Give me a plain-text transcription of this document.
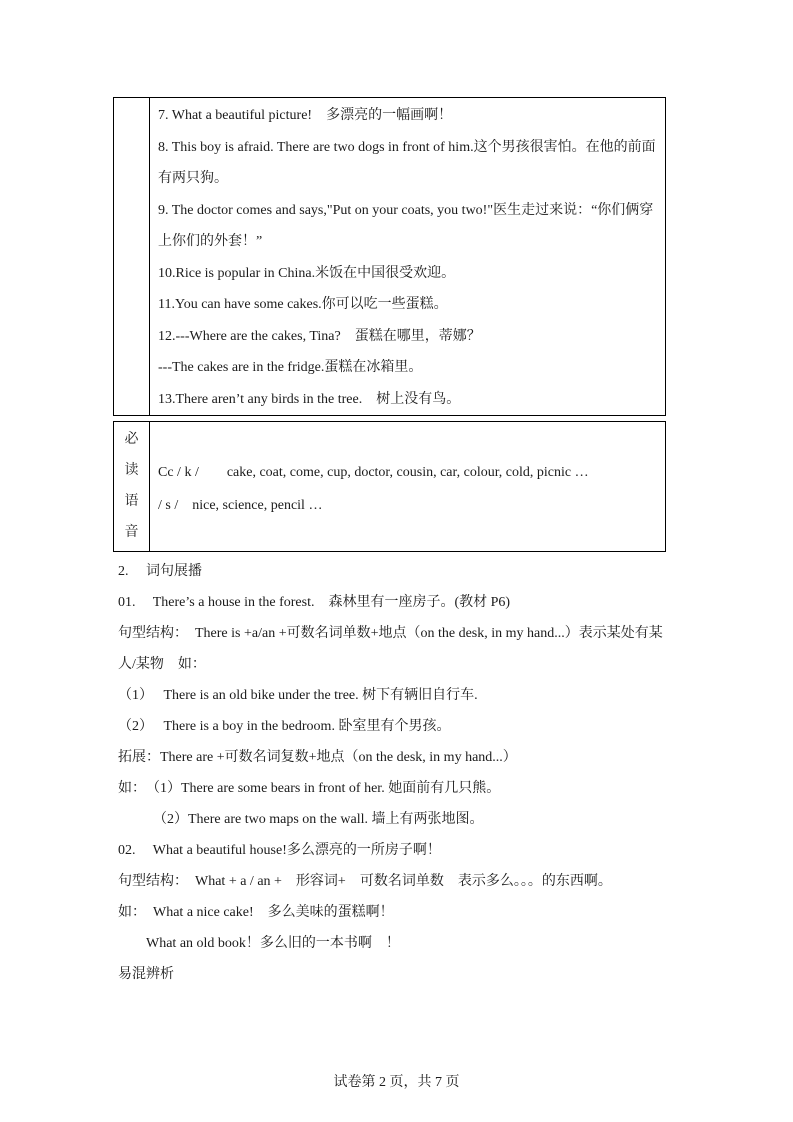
7. What a beautiful picture!　多漂亮的一幅画啊！
8. This boy is afraid. There are two dogs in front of him.这个男孩很害怕。在他的前面
有两只狗。
9. The doctor comes and says,"Put on your coats, you two!"医生走过来说：“你们俩穿
上你们的外套！”
10.Rice is popular in China.米饭在中国很受欢迎。
11.You can have some cakes.你可以吃一些蛋糕。
12.---Where are the cakes, Tina?　蛋糕在哪里，蒂娜？
---The cakes are in the fridge.蛋糕在冰箱里。
13.There aren’t any birds in the tree.　树上没有鸟。
必
读
语
音
Cc / k /　　cake, coat, come, cup, doctor, cousin, car, colour, cold, picnic …
/ s /　nice, science, pencil …
2.　 词句展播
01.　 There’s a house in the forest.　森林里有一座房子。(教材 P6)
句型结构：　There is +a/an +可数名词单数+地点（on the desk, in my hand...）表示某处有某
人/某物　如：
（1）　 There is an old bike under the tree. 树下有辆旧自行车.
（2）　 There is a boy in the bedroom. 卧室里有个男孩。
拓展：There are +可数名词复数+地点（on the desk, in my hand...）
如：　（1）There are some bears in front of her. 她面前有几只熊。
　　　（2）There are two maps on the wall. 墙上有两张地图。
02.　 What a beautiful house!多么漂亮的一所房子啊！
句型结构：　What + a / an +　形容词+　可数名词单数　表示多么。。。的东西啊。
如：　What a nice cake!　多么美味的蛋糕啊！
　　What an old book！多么旧的一本书啊　！
易混辨析
试卷第 2 页，共 7 页
